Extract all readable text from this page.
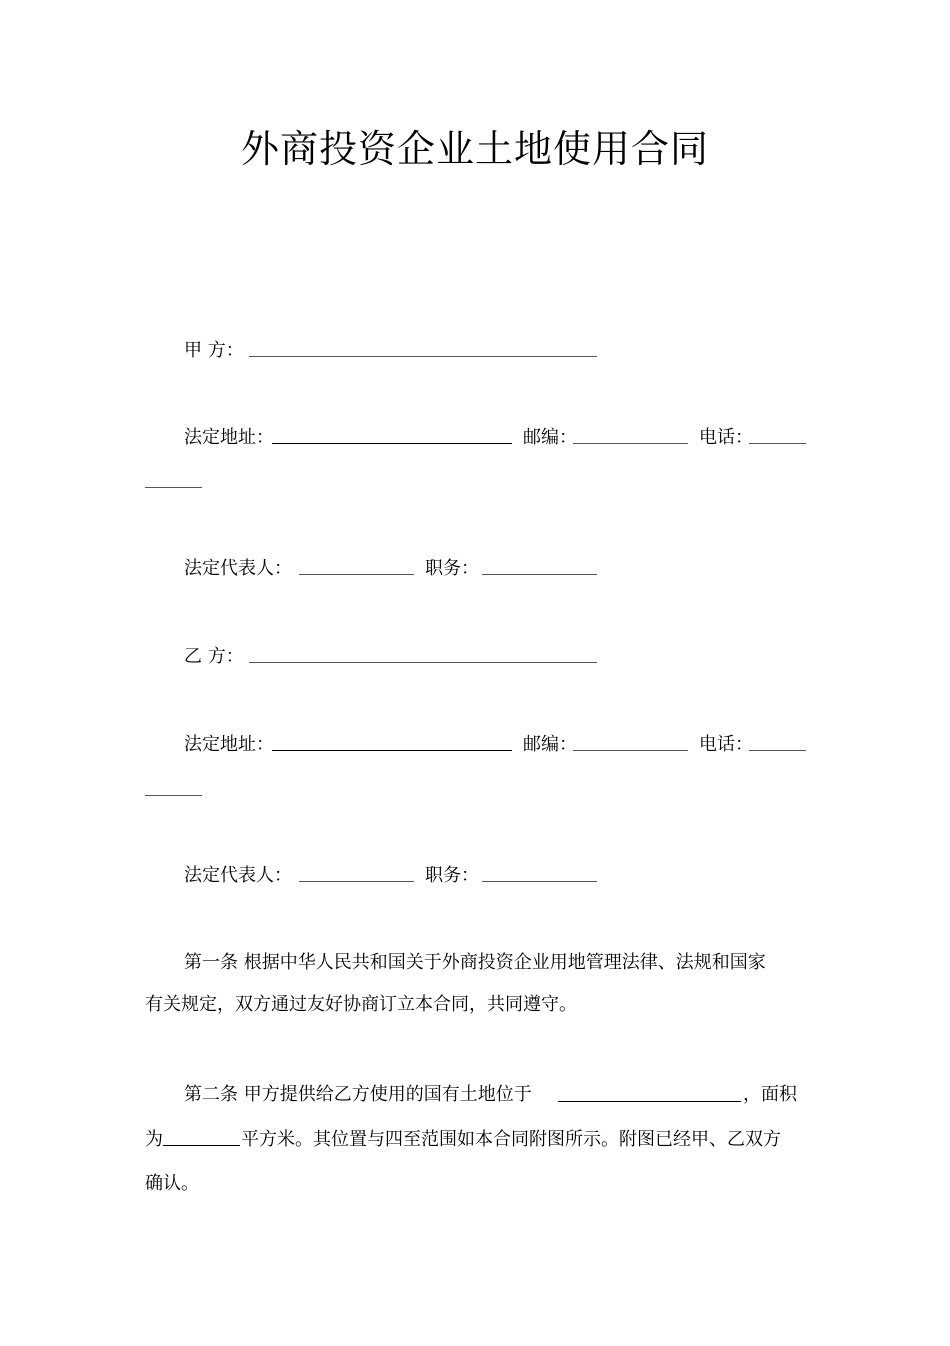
外商投资企业土地使用合同
甲 方：
法定地址：	邮编：	电话：
法定代表人：	职务：
乙 方：
法定地址：	邮编：	电话：
法定代表人：	职务：
第一条 根据中华人民共和国关于外商投资企业用地管理法律、法规和国家
有关规定，双方通过友好协商订立本合同，共同遵守。
第二条 甲方提供给乙方使用的国有土地位于	，面积
为	平方米。其位置与四至范围如本合同附图所示。附图已经甲、乙双方
确认。
